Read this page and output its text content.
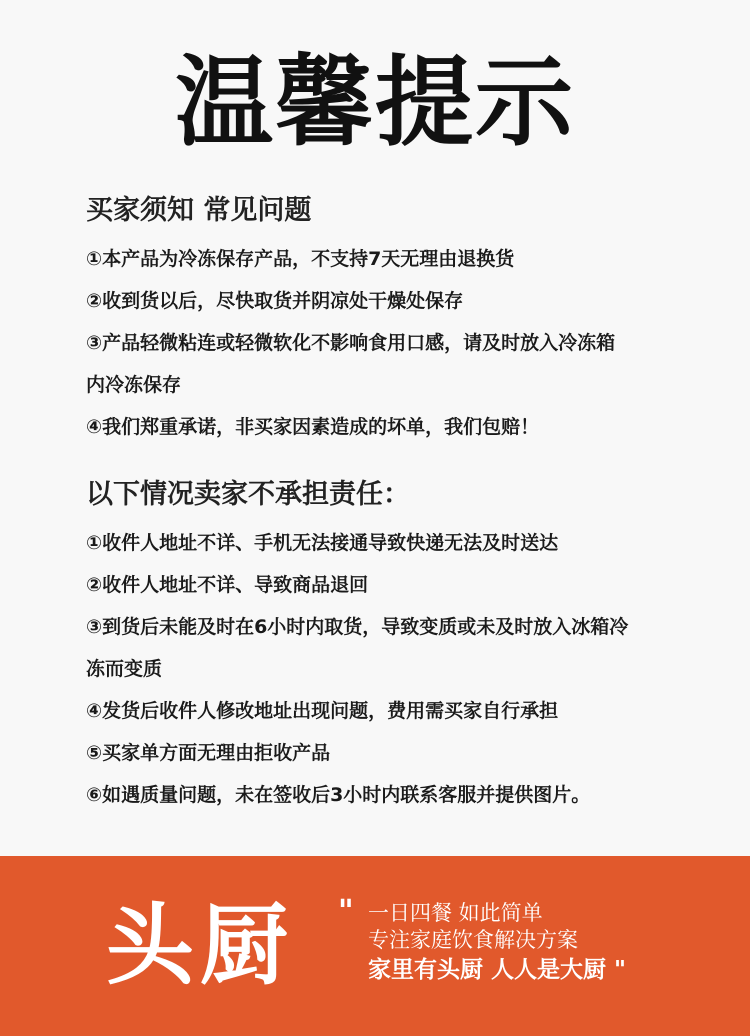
温馨提示
买家须知 常见问题
①本产品为冷冻保存产品，不支持7天无理由退换货
②收到货以后，尽快取货并阴凉处干燥处保存
③产品轻微粘连或轻微软化不影响食用口感，请及时放入冷冻箱
内冷冻保存
④我们郑重承诺，非买家因素造成的坏单，我们包赔！
以下情况卖家不承担责任：
①收件人地址不详、手机无法接通导致快递无法及时送达
②收件人地址不详、导致商品退回
③到货后未能及时在6小时内取货，导致变质或未及时放入冰箱冷
冻而变质
④发货后收件人修改地址出现问题，费用需买家自行承担
⑤买家单方面无理由拒收产品
⑥如遇质量问题，未在签收后3小时内联系客服并提供图片。
头厨 " 一日四餐 如此简单
专注家庭饮食解决方案
家里有头厨 人人是大厨 "
